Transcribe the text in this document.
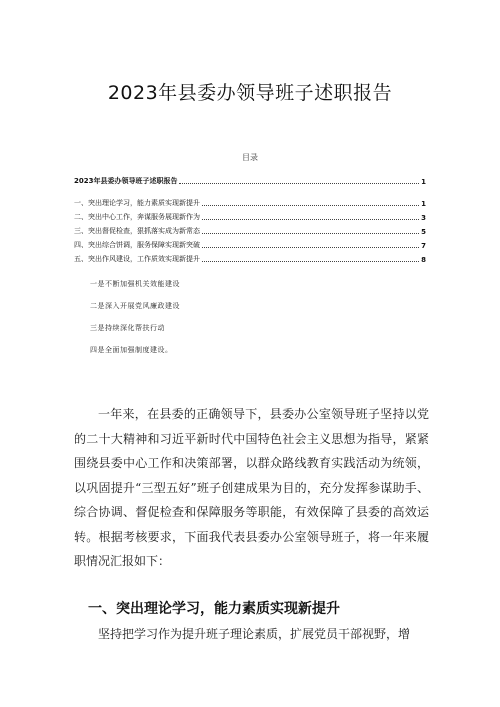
2023年县委办领导班子述职报告
目录
2023年县委办领导班子述职报告	1
一、突出理论学习，能力素质实现新提升	1
二、突出中心工作，奔谋服务展现新作为	3
三、突出督促检查，狠抓落实成为新常态	5
四、突出综合饼调，服务保障实现新突破	7
五、突出作风建设，工作质效实现新提升	8
一是不断加强机关效能建设
二是深入开展党风廉政建设
三是持续深化帮扶行动
四是全面加强制度建设。

一年来，在县委的正确领导下，县委办公室领导班子坚持以党的二十大精神和习近平新时代中国特色社会主义思想为指导，紧紧围绕县委中心工作和决策部署，以群众路线教育实践活动为统领，以巩固提升“三型五好”班子创建成果为目的，充分发挥参谋助手、综合协调、督促检查和保障服务等职能，有效保障了县委的高效运转。根据考核要求，下面我代表县委办公室领导班子，将一年来履职情况汇报如下：

一、突出理论学习，能力素质实现新提升

坚持把学习作为提升班子理论素质，扩展党员干部视野，增
